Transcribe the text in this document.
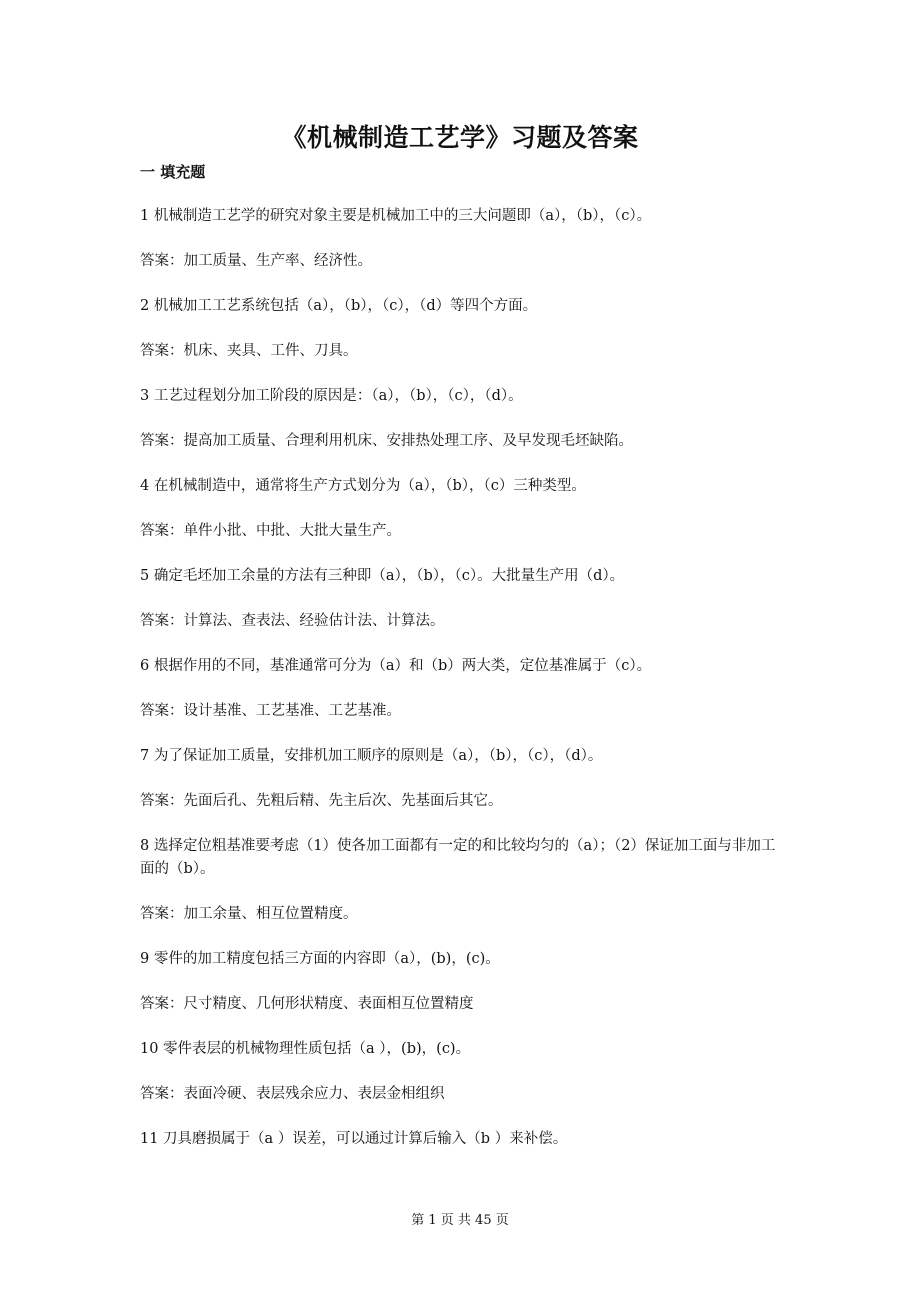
《机械制造工艺学》习题及答案
一 填充题

1 机械制造工艺学的研究对象主要是机械加工中的三大问题即（a），（b），（c）。

答案：加工质量、生产率、经济性。

2 机械加工工艺系统包括（a），（b），（c），（d）等四个方面。

答案：机床、夹具、工件、刀具。

3 工艺过程划分加工阶段的原因是：（a），（b），（c），（d）。

答案：提高加工质量、合理利用机床、安排热处理工序、及早发现毛坯缺陷。

4 在机械制造中，通常将生产方式划分为（a），（b），（c）三种类型。

答案：单件小批、中批、大批大量生产。

5 确定毛坯加工余量的方法有三种即（a），（b），（c）。大批量生产用（d）。

答案：计算法、查表法、经验估计法、计算法。

6 根据作用的不同，基准通常可分为（a）和（b）两大类，定位基准属于（c）。

答案：设计基准、工艺基准、工艺基准。

7 为了保证加工质量，安排机加工顺序的原则是（a），（b），（c），（d）。

答案：先面后孔、先粗后精、先主后次、先基面后其它。

8 选择定位粗基准要考虑（1）使各加工面都有一定的和比较均匀的（a）；（2）保证加工面与非加工面的（b）。

答案：加工余量、相互位置精度。

9 零件的加工精度包括三方面的内容即（a），(b)，(c)。

答案：尺寸精度、几何形状精度、表面相互位置精度

10 零件表层的机械物理性质包括（a ），(b)，(c)。

答案：表面冷硬、表层残余应力、表层金相组织

11 刀具磨损属于（a ）误差，可以通过计算后输入（b ）来补偿。

第 1 页 共 45 页
